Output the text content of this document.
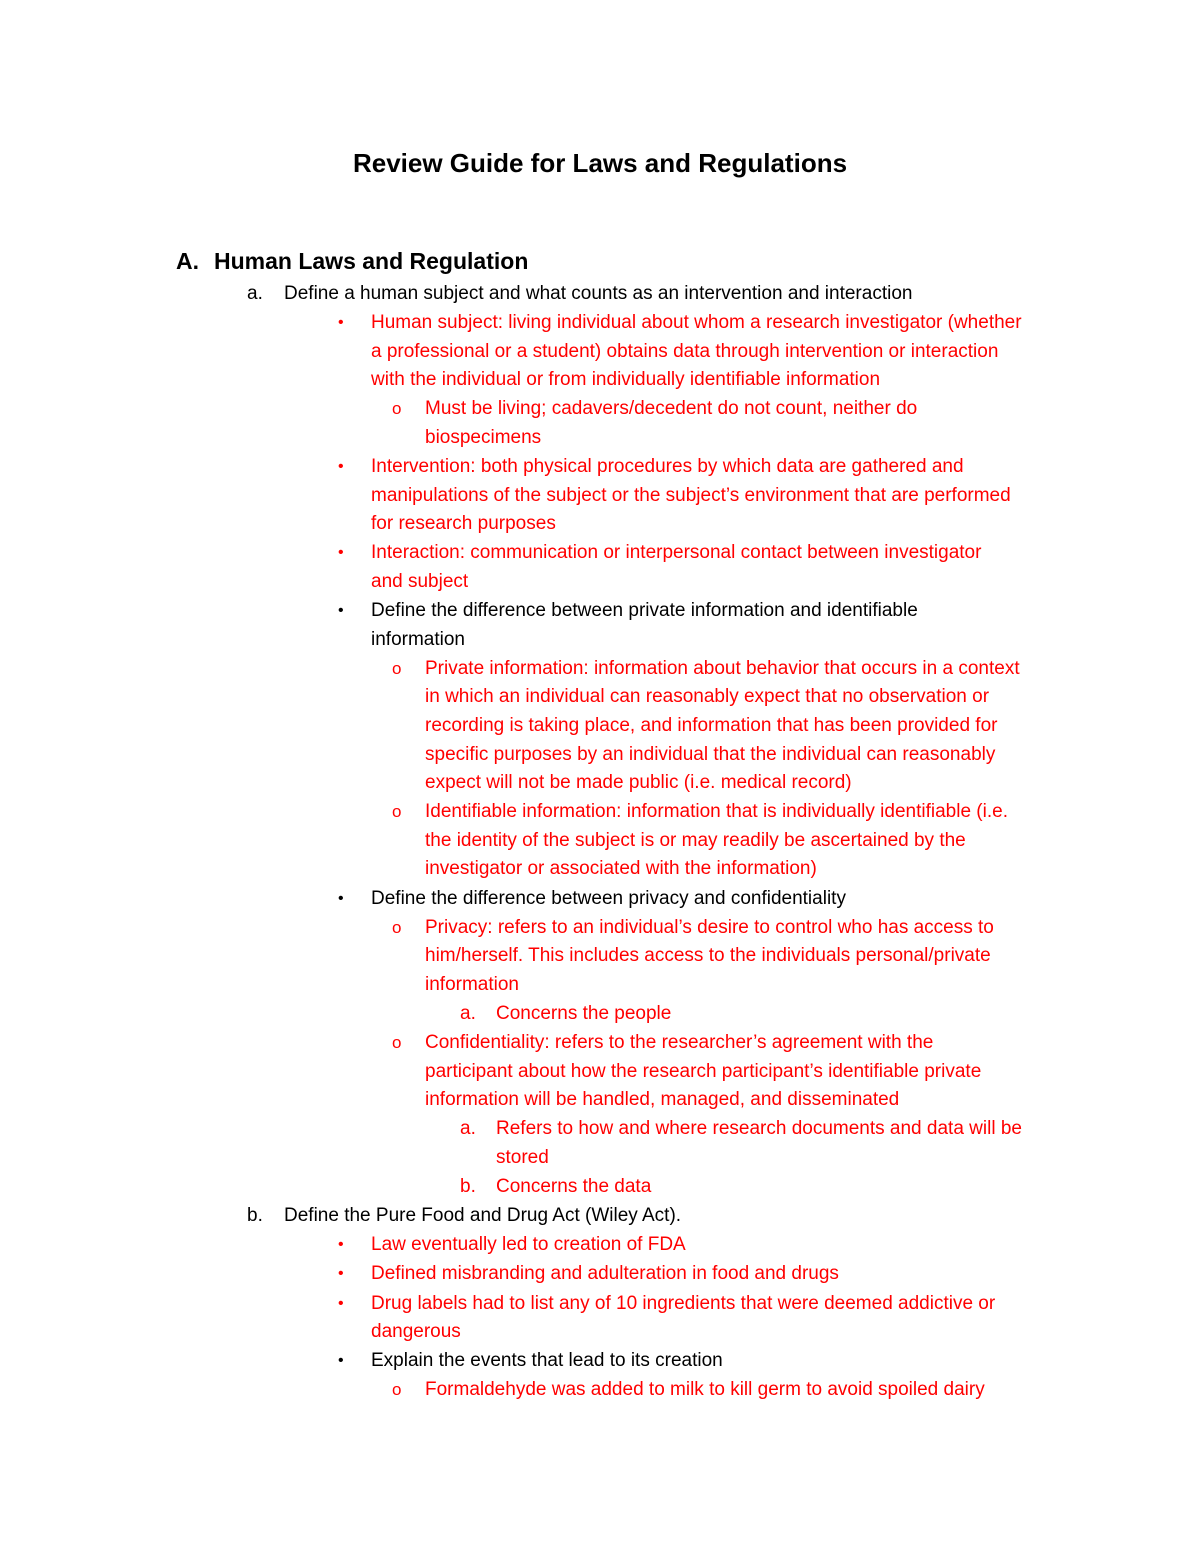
Review Guide for Laws and Regulations
A. Human Laws and Regulation
a. Define a human subject and what counts as an intervention and interaction
• Human subject: living individual about whom a research investigator (whether
a professional or a student) obtains data through intervention or interaction
with the individual or from individually identifiable information
o Must be living; cadavers/decedent do not count, neither do
biospecimens
• Intervention: both physical procedures by which data are gathered and
manipulations of the subject or the subject’s environment that are performed
for research purposes
• Interaction: communication or interpersonal contact between investigator
and subject
• Define the difference between private information and identifiable
information
o Private information: information about behavior that occurs in a context
in which an individual can reasonably expect that no observation or
recording is taking place, and information that has been provided for
specific purposes by an individual that the individual can reasonably
expect will not be made public (i.e. medical record)
o Identifiable information: information that is individually identifiable (i.e.
the identity of the subject is or may readily be ascertained by the
investigator or associated with the information)
• Define the difference between privacy and confidentiality
o Privacy: refers to an individual’s desire to control who has access to
him/herself. This includes access to the individuals personal/private
information
a. Concerns the people
o Confidentiality: refers to the researcher’s agreement with the
participant about how the research participant’s identifiable private
information will be handled, managed, and disseminated
a. Refers to how and where research documents and data will be
stored
b. Concerns the data
b. Define the Pure Food and Drug Act (Wiley Act).
• Law eventually led to creation of FDA
• Defined misbranding and adulteration in food and drugs
• Drug labels had to list any of 10 ingredients that were deemed addictive or
dangerous
• Explain the events that lead to its creation
o Formaldehyde was added to milk to kill germ to avoid spoiled dairy
